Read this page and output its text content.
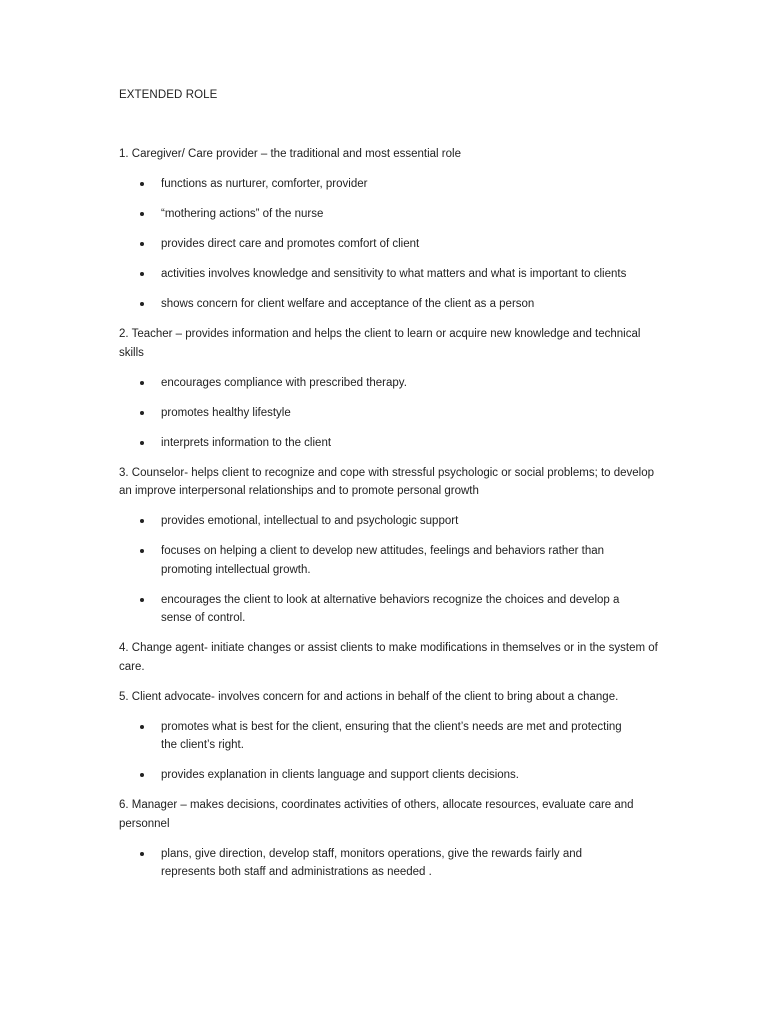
EXTENDED ROLE

1. Caregiver/ Care provider – the traditional and most essential role

functions as nurturer, comforter, provider
“mothering actions” of the nurse
provides direct care and promotes comfort of client
activities involves knowledge and sensitivity to what matters and what is important to clients
shows concern for client welfare and acceptance of the client as a person

2. Teacher – provides information and helps the client to learn or acquire new knowledge and technical skills

encourages compliance with prescribed therapy.
promotes healthy lifestyle
interprets information to the client

3. Counselor- helps client to recognize and cope with stressful psychologic or social problems; to develop an improve interpersonal relationships and to promote personal growth

provides emotional, intellectual to and psychologic support
focuses on helping a client to develop new attitudes, feelings and behaviors rather than promoting intellectual growth.
encourages the client to look at alternative behaviors recognize the choices and develop a sense of control.

4. Change agent- initiate changes or assist clients to make modifications in themselves or in the system of care.

5. Client advocate- involves concern for and actions in behalf of the client to bring about a change.

promotes what is best for the client, ensuring that the client’s needs are met and protecting the client’s right.
provides explanation in clients language and support clients decisions.

6. Manager – makes decisions, coordinates activities of others, allocate resources, evaluate care and personnel

plans, give direction, develop staff, monitors operations, give the rewards fairly and represents both staff and administrations as needed .
